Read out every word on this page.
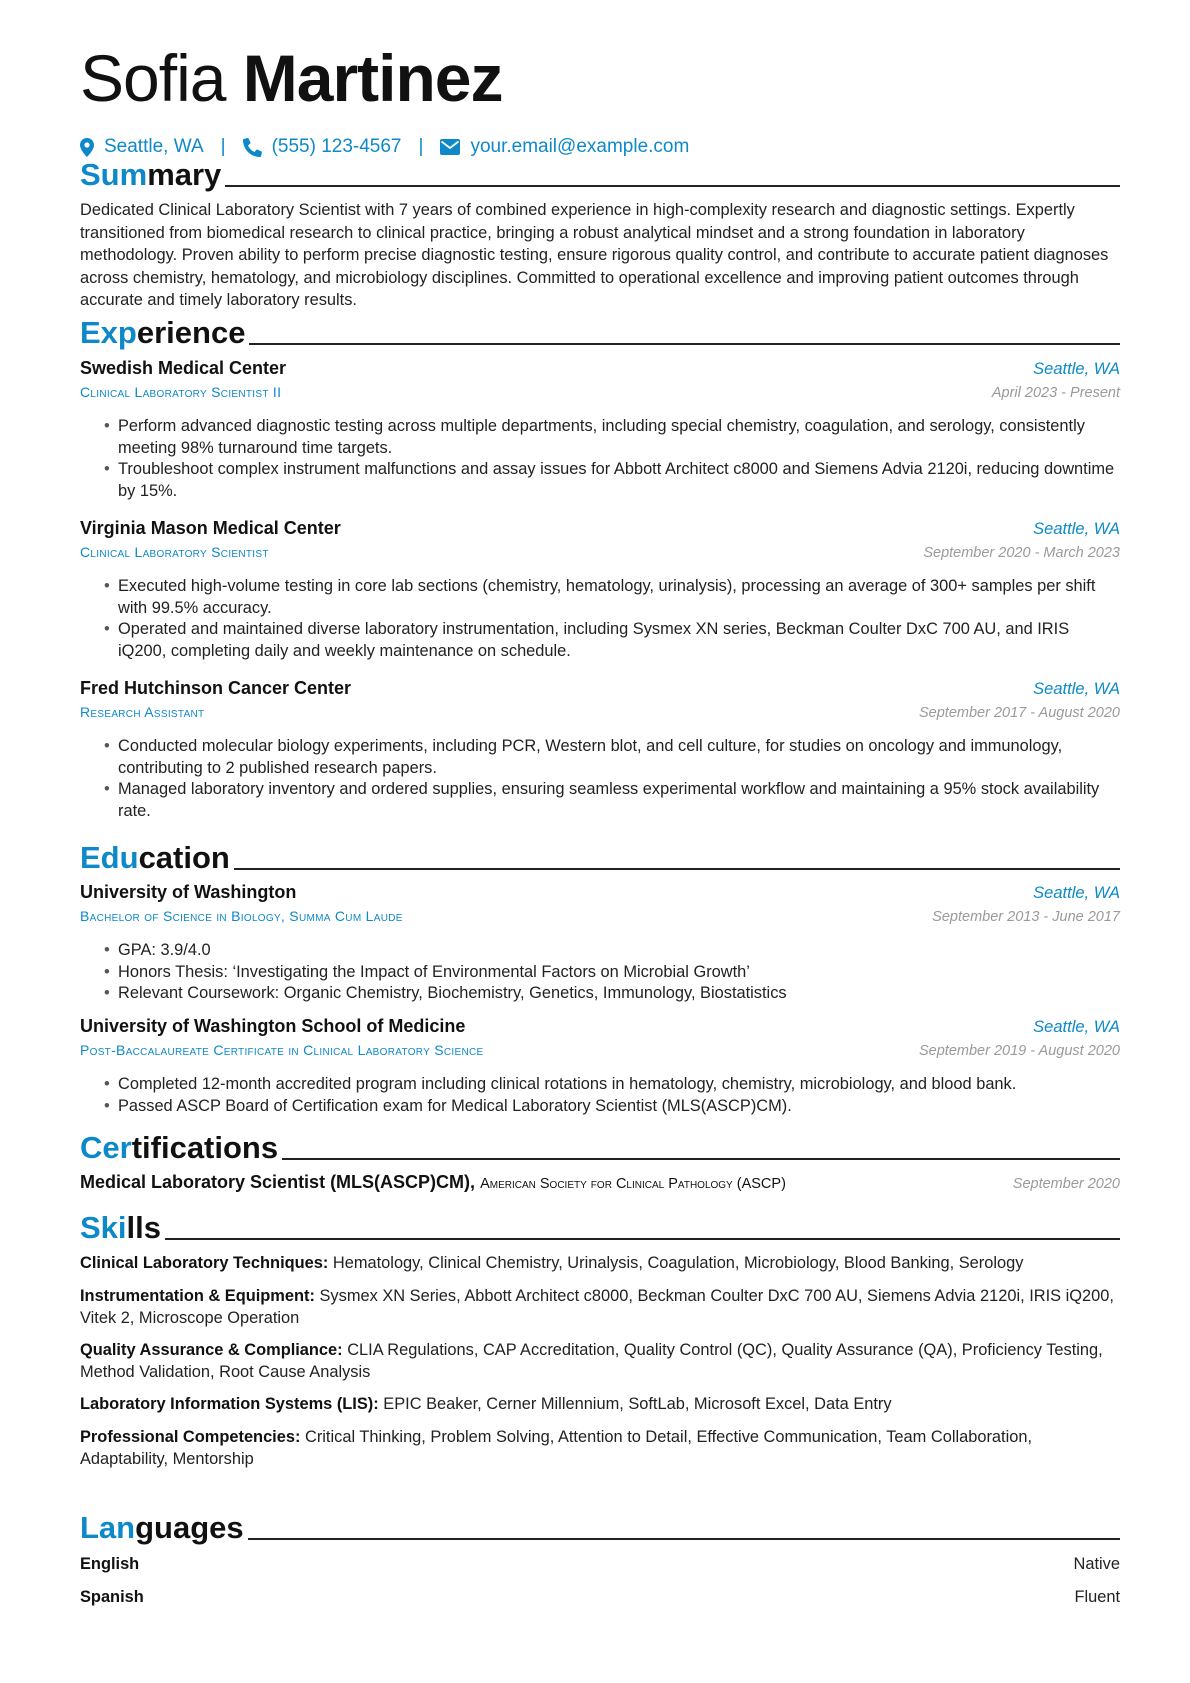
Sofia Martinez
Seattle, WA | (555) 123-4567 | your.email@example.com
Summary

Dedicated Clinical Laboratory Scientist with 7 years of combined experience in high-complexity research and diagnostic settings. Expertly transitioned from biomedical research to clinical practice, bringing a robust analytical mindset and a strong foundation in laboratory methodology. Proven ability to perform precise diagnostic testing, ensure rigorous quality control, and contribute to accurate patient diagnoses across chemistry, hematology, and microbiology disciplines. Committed to operational excellence and improving patient outcomes through accurate and timely laboratory results.

Experience
Swedish Medical Center	Seattle, WA
Clinical Laboratory Scientist II	April 2023 - Present
• Perform advanced diagnostic testing across multiple departments, including special chemistry, coagulation, and serology, consistently meeting 98% turnaround time targets.
• Troubleshoot complex instrument malfunctions and assay issues for Abbott Architect c8000 and Siemens Advia 2120i, reducing downtime by 15%.
Virginia Mason Medical Center	Seattle, WA
Clinical Laboratory Scientist	September 2020 - March 2023
• Executed high-volume testing in core lab sections (chemistry, hematology, urinalysis), processing an average of 300+ samples per shift with 99.5% accuracy.
• Operated and maintained diverse laboratory instrumentation, including Sysmex XN series, Beckman Coulter DxC 700 AU, and IRIS iQ200, completing daily and weekly maintenance on schedule.
Fred Hutchinson Cancer Center	Seattle, WA
Research Assistant	September 2017 - August 2020
• Conducted molecular biology experiments, including PCR, Western blot, and cell culture, for studies on oncology and immunology, contributing to 2 published research papers.
• Managed laboratory inventory and ordered supplies, ensuring seamless experimental workflow and maintaining a 95% stock availability rate.
Education
University of Washington	Seattle, WA
Bachelor of Science in Biology, Summa Cum Laude	September 2013 - June 2017
• GPA: 3.9/4.0
• Honors Thesis: ‘Investigating the Impact of Environmental Factors on Microbial Growth’
• Relevant Coursework: Organic Chemistry, Biochemistry, Genetics, Immunology, Biostatistics
University of Washington School of Medicine	Seattle, WA
Post-Baccalaureate Certificate in Clinical Laboratory Science	September 2019 - August 2020
• Completed 12-month accredited program including clinical rotations in hematology, chemistry, microbiology, and blood bank.
• Passed ASCP Board of Certification exam for Medical Laboratory Scientist (MLS(ASCP)CM).
Certifications
Medical Laboratory Scientist (MLS(ASCP)CM), American Society for Clinical Pathology (ASCP)	September 2020
Skills

Clinical Laboratory Techniques: Hematology, Clinical Chemistry, Urinalysis, Coagulation, Microbiology, Blood Banking, Serology

Instrumentation & Equipment: Sysmex XN Series, Abbott Architect c8000, Beckman Coulter DxC 700 AU, Siemens Advia 2120i, IRIS iQ200, Vitek 2, Microscope Operation

Quality Assurance & Compliance: CLIA Regulations, CAP Accreditation, Quality Control (QC), Quality Assurance (QA), Proficiency Testing, Method Validation, Root Cause Analysis

Laboratory Information Systems (LIS): EPIC Beaker, Cerner Millennium, SoftLab, Microsoft Excel, Data Entry

Professional Competencies: Critical Thinking, Problem Solving, Attention to Detail, Effective Communication, Team Collaboration, Adaptability, Mentorship

Languages
English	Native
Spanish	Fluent
